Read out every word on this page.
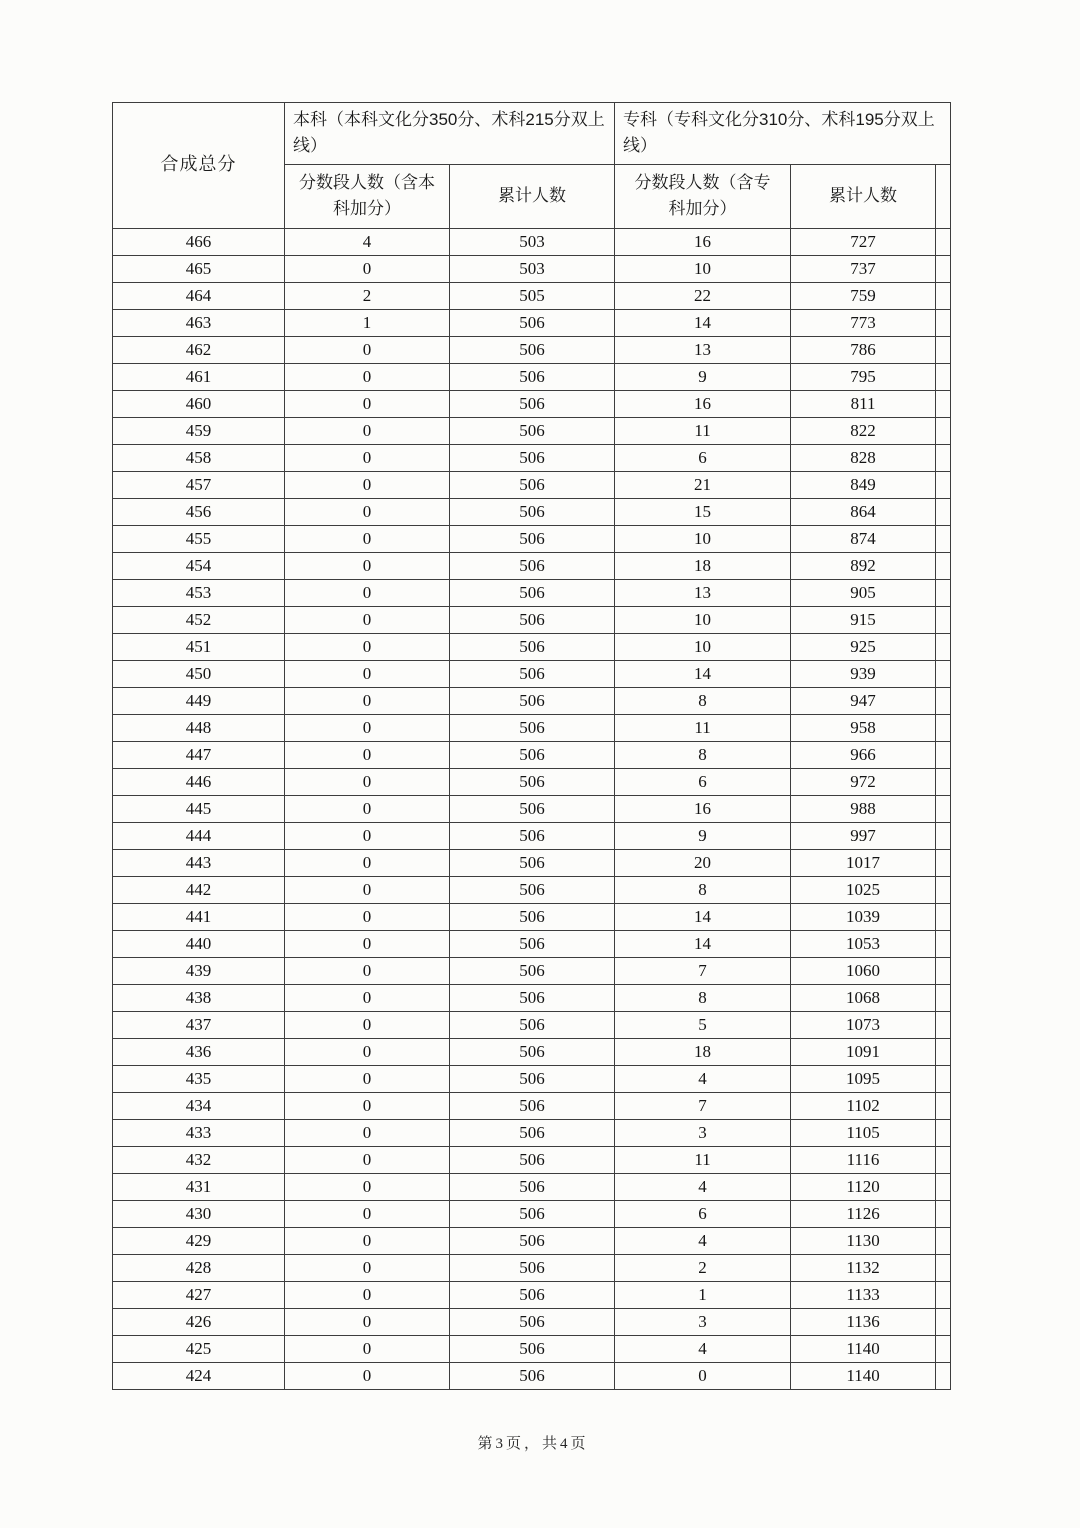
合成总分	本科（本科文化分350分、术科215分双上线）		专科（专科文化分310分、术科195分双上线）		
	分数段人数（含本科加分）	累计人数	分数段人数（含专科加分）	累计人数	
466	4	503	16	727	
465	0	503	10	737	
464	2	505	22	759	
463	1	506	14	773	
462	0	506	13	786	
461	0	506	9	795	
460	0	506	16	811	
459	0	506	11	822	
458	0	506	6	828	
457	0	506	21	849	
456	0	506	15	864	
455	0	506	10	874	
454	0	506	18	892	
453	0	506	13	905	
452	0	506	10	915	
451	0	506	10	925	
450	0	506	14	939	
449	0	506	8	947	
448	0	506	11	958	
447	0	506	8	966	
446	0	506	6	972	
445	0	506	16	988	
444	0	506	9	997	
443	0	506	20	1017	
442	0	506	8	1025	
441	0	506	14	1039	
440	0	506	14	1053	
439	0	506	7	1060	
438	0	506	8	1068	
437	0	506	5	1073	
436	0	506	18	1091	
435	0	506	4	1095	
434	0	506	7	1102	
433	0	506	3	1105	
432	0	506	11	1116	
431	0	506	4	1120	
430	0	506	6	1126	
429	0	506	4	1130	
428	0	506	2	1132	
427	0	506	1	1133	
426	0	506	3	1136	
425	0	506	4	1140	
424	0	506	0	1140	
第3页，共4页
